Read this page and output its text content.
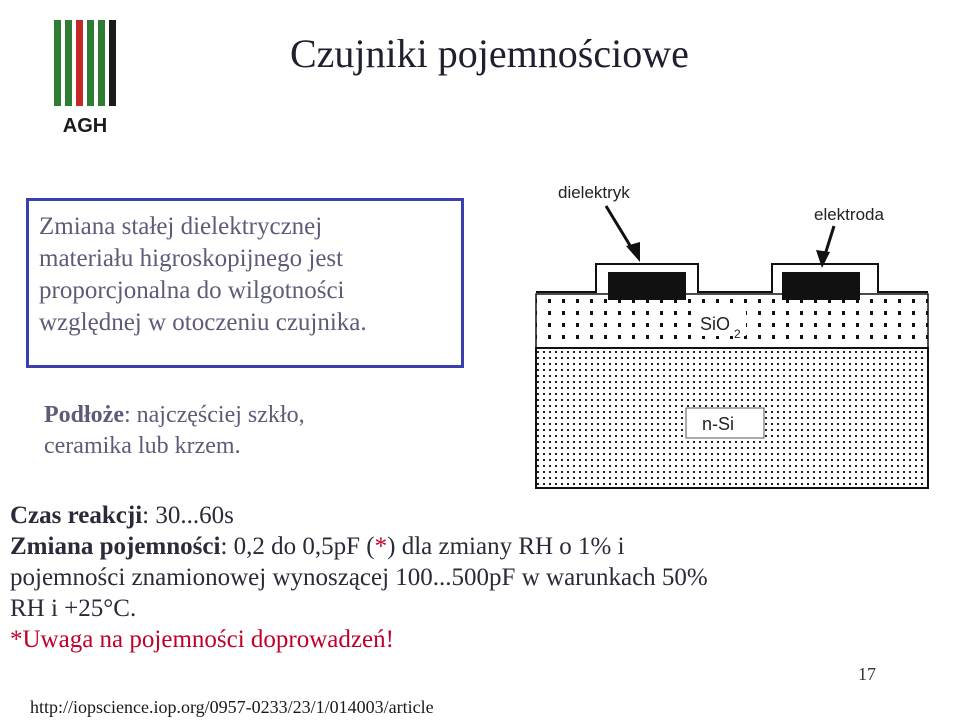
AGH
Czujniki pojemnościowe
Zmiana stałej dielektrycznej
materiału higroskopijnego jest
proporcjonalna do wilgotności
względnej w otoczeniu czujnika.
Podłoże: najczęściej szkło,
ceramika lub krzem.
dielektryk
elektroda
SiO 2
n-Si
Czas reakcji: 30...60s
Zmiana pojemności: 0,2 do 0,5pF (*) dla zmiany RH o 1% i
pojemności znamionowej wynoszącej 100...500pF w warunkach 50%
RH i +25°C.
*Uwaga na pojemności doprowadzeń!
17
http://iopscience.iop.org/0957-0233/23/1/014003/article
